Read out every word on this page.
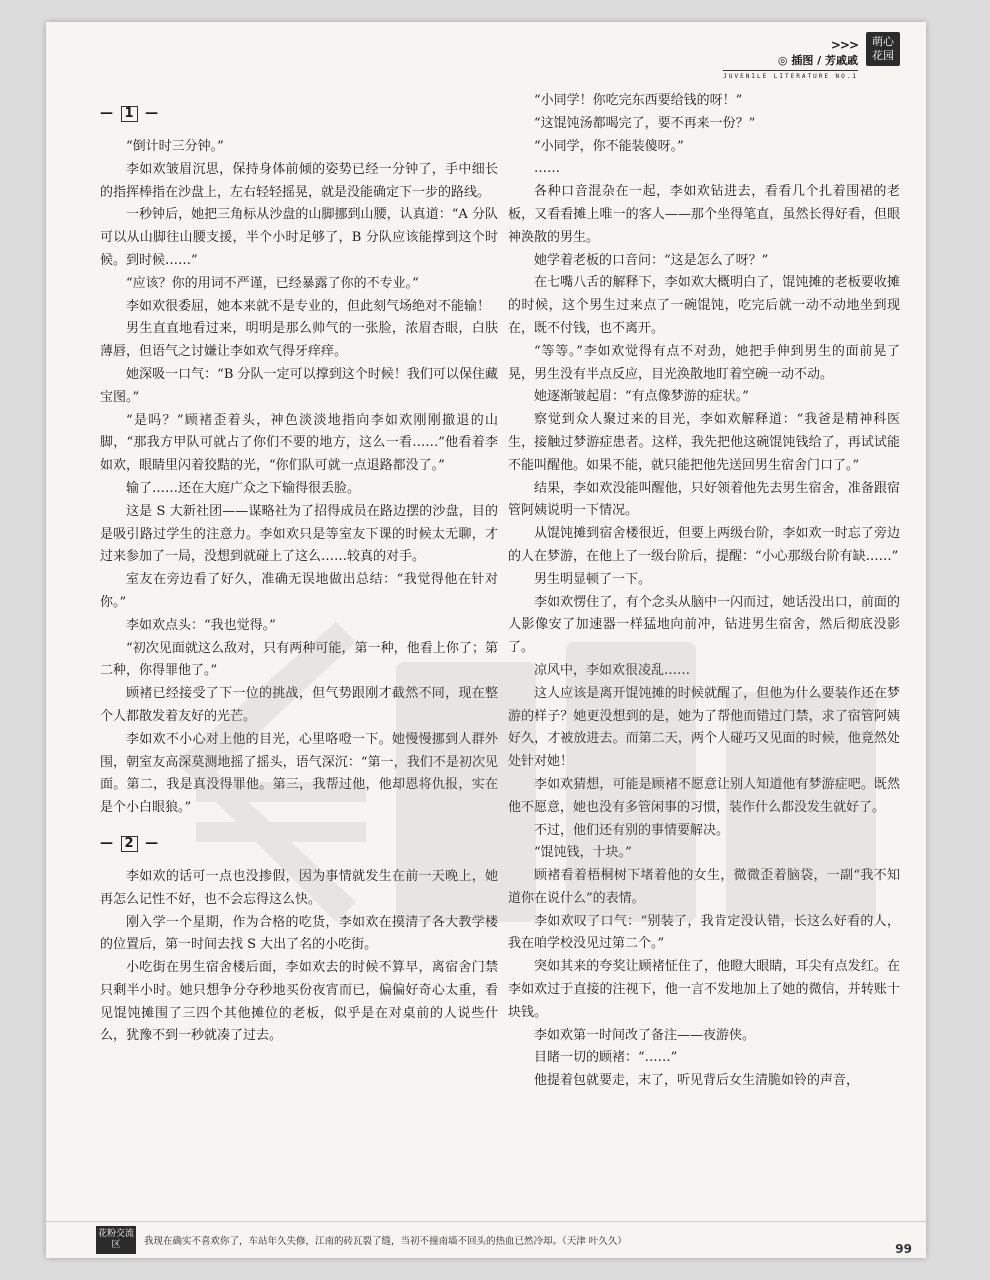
>>>
◎ 插图 / 芳戚戚
JUVENILE LITERATURE NO.1
萌心花园
— 1 —

“倒计时三分钟。”

李如欢皱眉沉思，保持身体前倾的姿势已经一分钟了，手中细长的指挥棒指在沙盘上，左右轻轻摇晃，就是没能确定下一步的路线。

一秒钟后，她把三角标从沙盘的山脚挪到山腰，认真道：“A 分队可以从山脚往山腰支援，半个小时足够了，B 分队应该能撑到这个时候。到时候……”

“应该？你的用词不严谨，已经暴露了你的不专业。”

李如欢很委屈，她本来就不是专业的，但此刻气场绝对不能输！

男生直直地看过来，明明是那么帅气的一张脸，浓眉杏眼，白肤薄唇，但语气之讨嫌让李如欢气得牙痒痒。

她深吸一口气：“B 分队一定可以撑到这个时候！我们可以保住藏宝图。”

“是吗？”顾褚歪着头，神色淡淡地指向李如欢刚刚撤退的山脚，“那我方甲队可就占了你们不要的地方，这么一看……”他看着李如欢，眼睛里闪着狡黠的光，“你们队可就一点退路都没了。”

输了……还在大庭广众之下输得很丢脸。

这是 S 大新社团——谋略社为了招得成员在路边摆的沙盘，目的是吸引路过学生的注意力。李如欢只是等室友下课的时候太无聊，才过来参加了一局，没想到就碰上了这么……较真的对手。

室友在旁边看了好久，准确无误地做出总结：“我觉得他在针对你。”

李如欢点头：“我也觉得。”

“初次见面就这么敌对，只有两种可能，第一种，他看上你了；第二种，你得罪他了。”

顾褚已经接受了下一位的挑战，但气势跟刚才截然不同，现在整个人都散发着友好的光芒。

李如欢不小心对上他的目光，心里咯噔一下。她慢慢挪到人群外围，朝室友高深莫测地摇了摇头，语气深沉：“第一，我们不是初次见面。第二，我是真没得罪他。第三，我帮过他，他却恩将仇报，实在是个小白眼狼。”

— 2 —

李如欢的话可一点也没掺假，因为事情就发生在前一天晚上，她再怎么记性不好，也不会忘得这么快。

刚入学一个星期，作为合格的吃货，李如欢在摸清了各大教学楼的位置后，第一时间去找 S 大出了名的小吃街。

小吃街在男生宿舍楼后面，李如欢去的时候不算早，离宿舍门禁只剩半小时。她只想争分夺秒地买份夜宵而已，偏偏好奇心太重，看见馄饨摊围了三四个其他摊位的老板，似乎是在对桌前的人说些什么，犹豫不到一秒就凑了过去。

“小同学！你吃完东西要给钱的呀！”

“这馄饨汤都喝完了，要不再来一份？”

“小同学，你不能装傻呀。”

……

各种口音混杂在一起，李如欢钻进去，看看几个扎着围裙的老板，又看看摊上唯一的客人——那个坐得笔直，虽然长得好看，但眼神涣散的男生。

她学着老板的口音问：“这是怎么了呀？”

在七嘴八舌的解释下，李如欢大概明白了，馄饨摊的老板要收摊的时候，这个男生过来点了一碗馄饨，吃完后就一动不动地坐到现在，既不付钱，也不离开。

“等等。”李如欢觉得有点不对劲，她把手伸到男生的面前晃了晃，男生没有半点反应，目光涣散地盯着空碗一动不动。

她逐渐皱起眉：“有点像梦游的症状。”

察觉到众人聚过来的目光，李如欢解释道：“我爸是精神科医生，接触过梦游症患者。这样，我先把他这碗馄饨钱给了，再试试能不能叫醒他。如果不能，就只能把他先送回男生宿舍门口了。”

结果，李如欢没能叫醒他，只好领着他先去男生宿舍，准备跟宿管阿姨说明一下情况。

从馄饨摊到宿舍楼很近，但要上两级台阶，李如欢一时忘了旁边的人在梦游，在他上了一级台阶后，提醒：“小心那级台阶有缺……”

男生明显顿了一下。

李如欢愣住了，有个念头从脑中一闪而过，她话没出口，前面的人影像安了加速器一样猛地向前冲，钻进男生宿舍，然后彻底没影了。

凉风中，李如欢很凌乱……

这人应该是离开馄饨摊的时候就醒了，但他为什么要装作还在梦游的样子？她更没想到的是，她为了帮他而错过门禁，求了宿管阿姨好久，才被放进去。而第二天，两个人碰巧又见面的时候，他竟然处处针对她！

李如欢猜想，可能是顾褚不愿意让别人知道他有梦游症吧。既然他不愿意，她也没有多管闲事的习惯，装作什么都没发生就好了。

不过，他们还有别的事情要解决。

“馄饨钱，十块。”

顾褚看着梧桐树下堵着他的女生，微微歪着脑袋，一副“我不知道你在说什么”的表情。

李如欢叹了口气：“别装了，我肯定没认错，长这么好看的人，我在咱学校没见过第二个。”

突如其来的夸奖让顾褚怔住了，他瞪大眼睛，耳尖有点发红。在李如欢过于直接的注视下，他一言不发地加上了她的微信，并转账十块钱。

李如欢第一时间改了备注——夜游侠。

目睹一切的顾褚：“……”

他提着包就要走，末了，听见背后女生清脆如铃的声音，

花粉交流区	我现在确实不喜欢你了，车站年久失修，江南的砖瓦裂了缝，当初不撞南墙不回头的热血已然冷却。（天津 叶久久）
99
